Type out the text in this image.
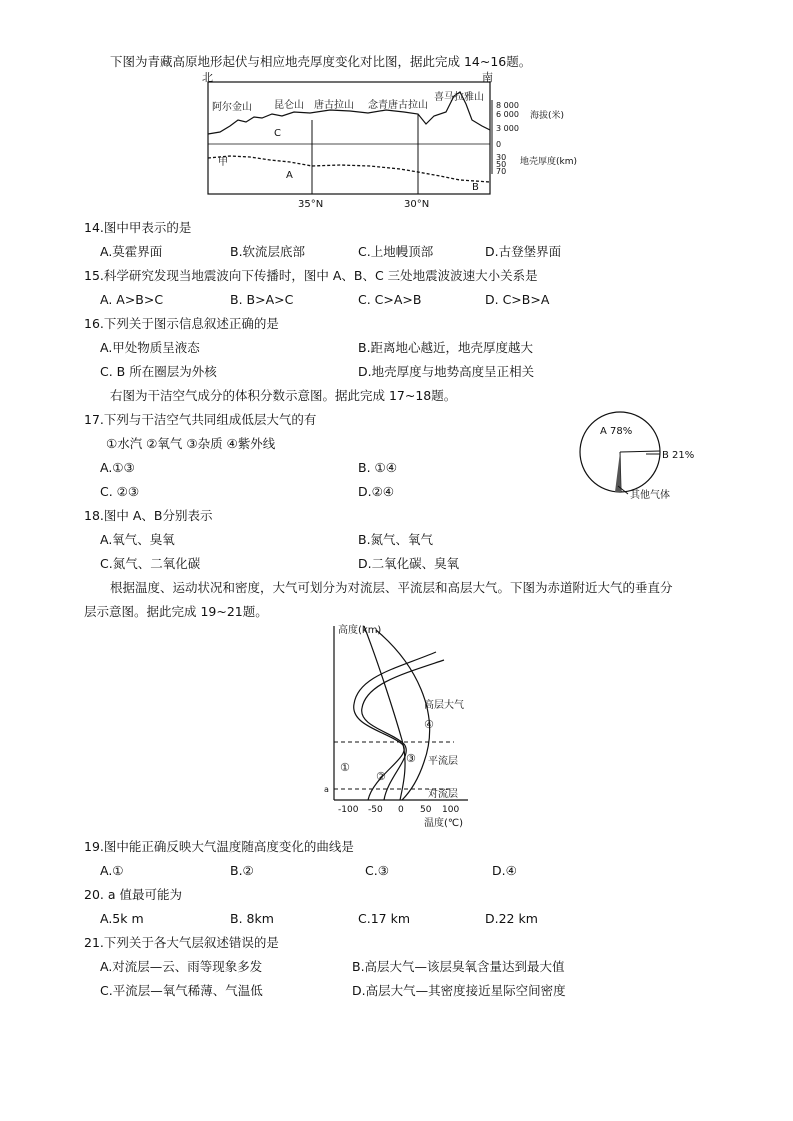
下图为青藏高原地形起伏与相应地壳厚度变化对比图，据此完成 14~16题。
北	南
阿尔金山 昆仑山 唐古拉山 念青唐古拉山
喜马拉雅山
C
甲
A
B
8 000
6 000
3 000
0
30
50
70
海拔(米)
地壳厚度(km)
35°N	30°N
14.图中甲表示的是
A.莫霍界面	B.软流层底部	C.上地幔顶部	D.古登堡界面
15.科学研究发现当地震波向下传播时，图中 A、B、C 三处地震波波速大小关系是
A. A>B>C	B. B>A>C	C. C>A>B	D. C>B>A
16.下列关于图示信息叙述正确的是
A.甲处物质呈液态	B.距离地心越近，地壳厚度越大
C. B 所在圈层为外核	D.地壳厚度与地势高度呈正相关
右图为干洁空气成分的体积分数示意图。据此完成 17~18题。
A 78%
B 21%
其他气体
17.下列与干洁空气共同组成低层大气的有
①水汽 ②氧气 ③杂质 ④紫外线
A.①③	B. ①④
C. ②③	D.②④
18.图中 A、B分别表示
A.氧气、臭氧	B.氮气、氧气
C.氮气、二氧化碳	D.二氧化碳、臭氧
根据温度、运动状况和密度，大气可划分为对流层、平流层和高层大气。下图为赤道附近大气的垂直分
层示意图。据此完成 19~21题。
高度(km)
-100 -50 0 50 100
温度(℃)
a
高层大气
平流层
对流层
①
②
③
④
19.图中能正确反映大气温度随高度变化的曲线是
A.①	B.②	C.③	D.④
20. a 值最可能为
A.5k m	B. 8km	C.17 km	D.22 km
21.下列关于各大气层叙述错误的是
A.对流层—云、雨等现象多发	B.高层大气—该层臭氧含量达到最大值
C.平流层—氧气稀薄、气温低	D.高层大气—其密度接近星际空间密度
